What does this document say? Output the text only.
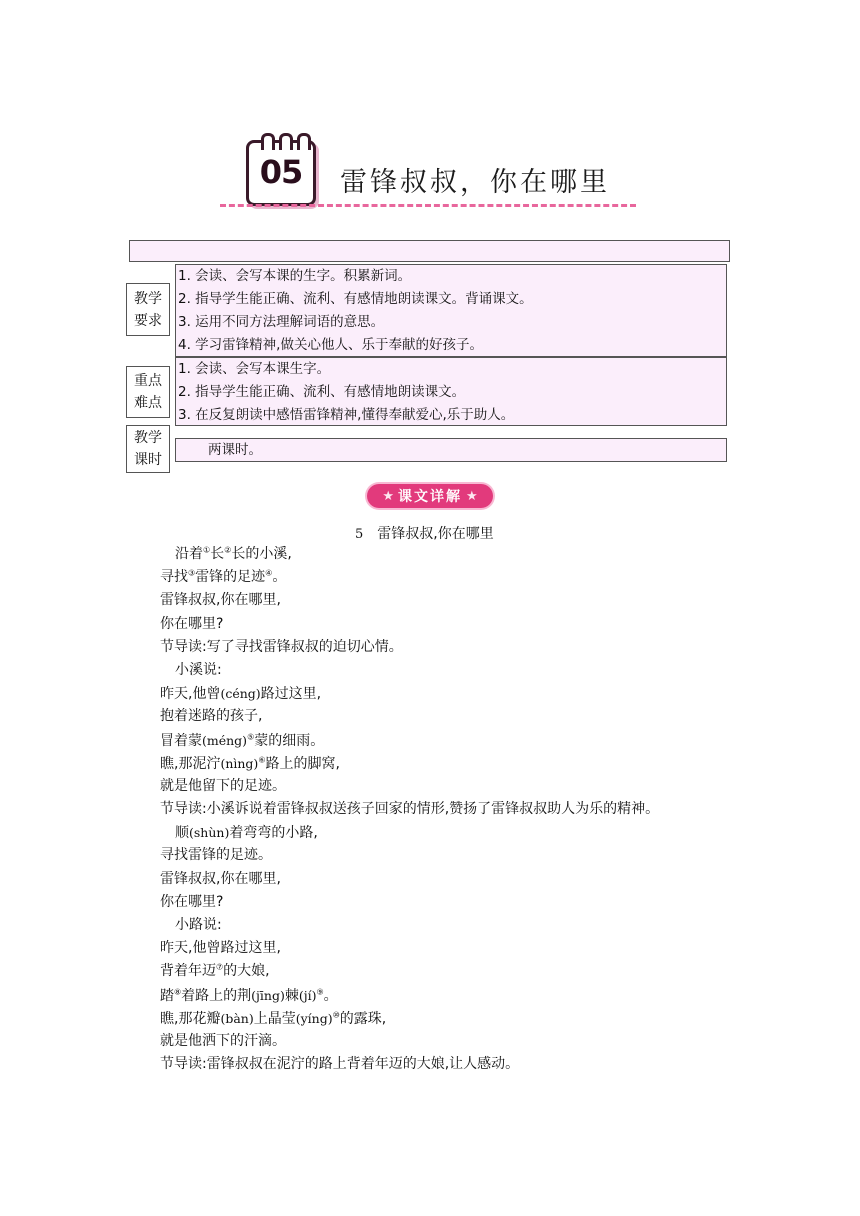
05	雷锋叔叔，你在哪里
教学
要求
1. 会读、会写本课的生字。积累新词。
2. 指导学生能正确、流利、有感情地朗读课文。背诵课文。
3. 运用不同方法理解词语的意思。
4. 学习雷锋精神,做关心他人、乐于奉献的好孩子。
重点
难点
1. 会读、会写本课生字。
2. 指导学生能正确、流利、有感情地朗读课文。
3. 在反复朗读中感悟雷锋精神,懂得奉献爱心,乐于助人。
教学
课时
两课时。
★ 课文详解 ★
5 雷锋叔叔,你在哪里
沿着①长②长的小溪,
寻找③雷锋的足迹④。
雷锋叔叔,你在哪里,
你在哪里?
节导读:写了寻找雷锋叔叔的迫切心情。
小溪说:
昨天,他曾(céng)路过这里,
抱着迷路的孩子,
冒着蒙(méng)⑤蒙的细雨。
瞧,那泥泞(nìng)⑥路上的脚窝,
就是他留下的足迹。
节导读:小溪诉说着雷锋叔叔送孩子回家的情形,赞扬了雷锋叔叔助人为乐的精神。
顺(shùn)着弯弯的小路,
寻找雷锋的足迹。
雷锋叔叔,你在哪里,
你在哪里?
小路说:
昨天,他曾路过这里,
背着年迈⑦的大娘,
踏⑧着路上的荆(jīng)棘(jí)⑨。
瞧,那花瓣(bàn)上晶莹(yíng)⑩的露珠,
就是他洒下的汗滴。
节导读:雷锋叔叔在泥泞的路上背着年迈的大娘,让人感动。
